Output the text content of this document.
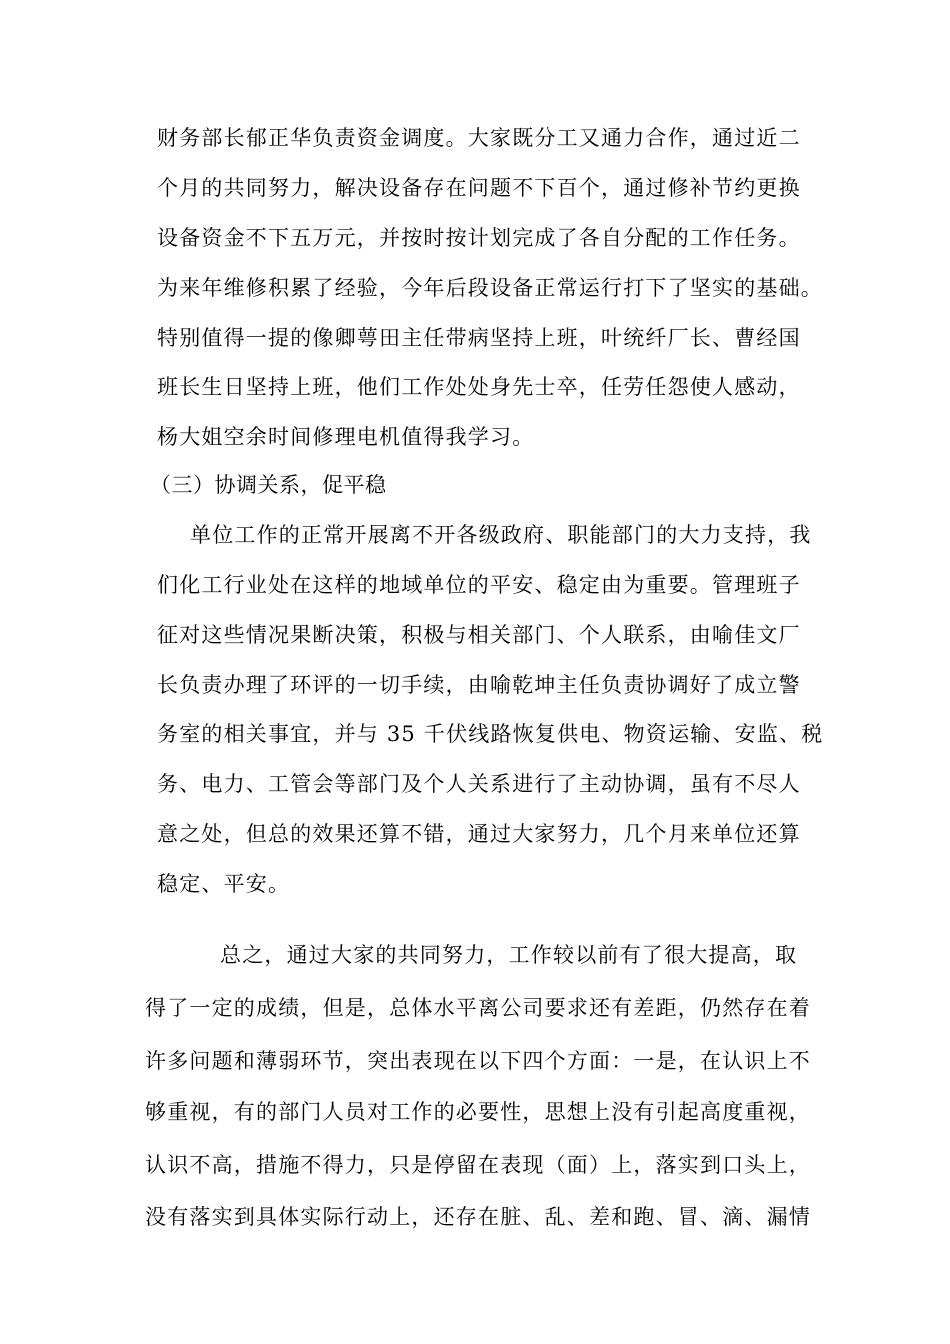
财务部长郁正华负责资金调度。大家既分工又通力合作，通过近二
个月的共同努力，解决设备存在问题不下百个，通过修补节约更换
设备资金不下五万元，并按时按计划完成了各自分配的工作任务。
为来年维修积累了经验，今年后段设备正常运行打下了坚实的基础。
特别值得一提的像卿萼田主任带病坚持上班，叶统纤厂长、曹经国
班长生日坚持上班，他们工作处处身先士卒，任劳任怨使人感动，
杨大姐空余时间修理电机值得我学习。
（三）协调关系，促平稳
单位工作的正常开展离不开各级政府、职能部门的大力支持，我
们化工行业处在这样的地域单位的平安、稳定由为重要。管理班子
征对这些情况果断决策，积极与相关部门、个人联系，由喻佳文厂
长负责办理了环评的一切手续，由喻乾坤主任负责协调好了成立警
务室的相关事宜，并与 35 千伏线路恢复供电、物资运输、安监、税
务、电力、工管会等部门及个人关系进行了主动协调，虽有不尽人
意之处，但总的效果还算不错，通过大家努力，几个月来单位还算
稳定、平安。
总之，通过大家的共同努力，工作较以前有了很大提高，取
得了一定的成绩，但是，总体水平离公司要求还有差距，仍然存在着
许多问题和薄弱环节，突出表现在以下四个方面：一是，在认识上不
够重视，有的部门人员对工作的必要性，思想上没有引起高度重视，
认识不高，措施不得力，只是停留在表现（面）上，落实到口头上，
没有落实到具体实际行动上，还存在脏、乱、差和跑、冒、滴、漏情
